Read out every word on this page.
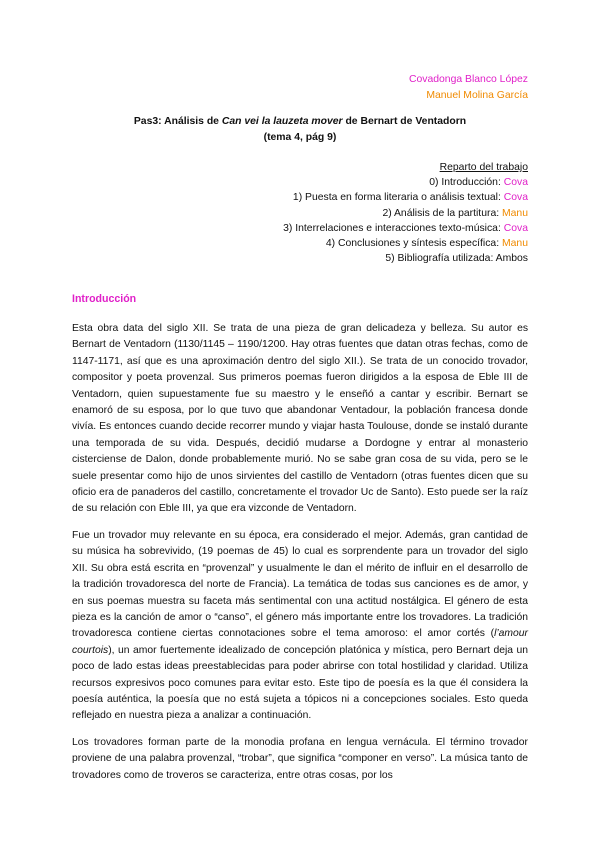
Covadonga Blanco López
Manuel Molina García
Pas3: Análisis de Can vei la lauzeta mover de Bernart de Ventadorn
(tema 4, pág 9)
Reparto del trabajo
0) Introducción: Cova
1) Puesta en forma literaria o análisis textual: Cova
2) Análisis de la partitura: Manu
3) Interrelaciones e interacciones texto-música: Cova
4) Conclusiones y síntesis específica: Manu
5) Bibliografía utilizada: Ambos
Introducción

Esta obra data del siglo XII. Se trata de una pieza de gran delicadeza y belleza. Su autor es Bernart de Ventadorn (1130/1145 – 1190/1200. Hay otras fuentes que datan otras fechas, como de 1147-1171, así que es una aproximación dentro del siglo XII.). Se trata de un conocido trovador, compositor y poeta provenzal. Sus primeros poemas fueron dirigidos a la esposa de Eble III de Ventadorn, quien supuestamente fue su maestro y le enseñó a cantar y escribir. Bernart se enamoró de su esposa, por lo que tuvo que abandonar Ventadour, la población francesa donde vivía. Es entonces cuando decide recorrer mundo y viajar hasta Toulouse, donde se instaló durante una temporada de su vida. Después, decidió mudarse a Dordogne y entrar al monasterio cisterciense de Dalon, donde probablemente murió. No se sabe gran cosa de su vida, pero se le suele presentar como hijo de unos sirvientes del castillo de Ventadorn (otras fuentes dicen que su oficio era de panaderos del castillo, concretamente el trovador Uc de Santo). Esto puede ser la raíz de su relación con Eble III, ya que era vizconde de Ventadorn.

Fue un trovador muy relevante en su época, era considerado el mejor. Además, gran cantidad de su música ha sobrevivido, (19 poemas de 45) lo cual es sorprendente para un trovador del siglo XII. Su obra está escrita en “provenzal” y usualmente le dan el mérito de influir en el desarrollo de la tradición trovadoresca del norte de Francia). La temática de todas sus canciones es de amor, y en sus poemas muestra su faceta más sentimental con una actitud nostálgica. El género de esta pieza es la canción de amor o “canso”, el género más importante entre los trovadores. La tradición trovadoresca contiene ciertas connotaciones sobre el tema amoroso: el amor cortés (l’amour courtois), un amor fuertemente idealizado de concepción platónica y mística, pero Bernart deja un poco de lado estas ideas preestablecidas para poder abrirse con total hostilidad y claridad. Utiliza recursos expresivos poco comunes para evitar esto. Este tipo de poesía es la que él considera la poesía auténtica, la poesía que no está sujeta a tópicos ni a concepciones sociales. Esto queda reflejado en nuestra pieza a analizar a continuación.

Los trovadores forman parte de la monodia profana en lengua vernácula. El término trovador proviene de una palabra provenzal, “trobar”, que significa “componer en verso”. La música tanto de trovadores como de troveros se caracteriza, entre otras cosas, por los
